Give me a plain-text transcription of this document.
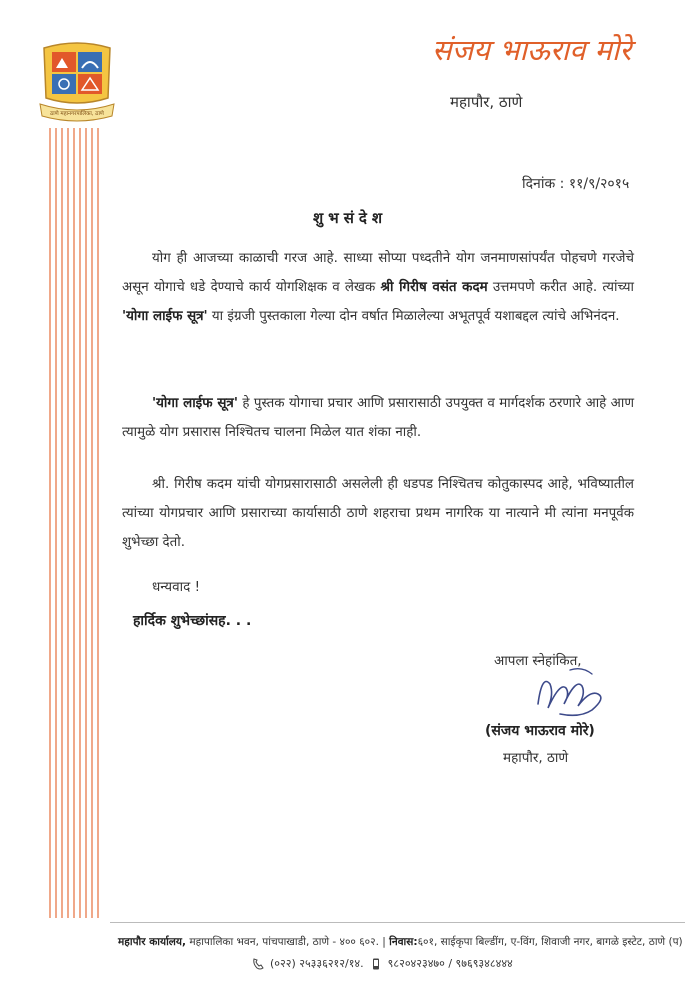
ठाणे महानगरपालिका, ठाणे
संजय भाऊराव मोरे
महापौर, ठाणे
दिनांक : ११/९/२०१५
शुभसंदेश
योग ही आजच्या काळाची गरज आहे. साध्या सोप्या पध्दतीने योग जनमाणसांपर्यंत पोहचणे गरजेचे असून योगाचे धडे देण्याचे कार्य योगशिक्षक व लेखक श्री गिरीष वसंत कदम उत्तमपणे करीत आहे. त्यांच्या 'योगा लाईफ सूत्र' या इंग्रजी पुस्तकाला गेल्या दोन वर्षात मिळालेल्या अभूतपूर्व यशाबद्दल त्यांचे अभिनंदन.
'योगा लाईफ सूत्र' हे पुस्तक योगाचा प्रचार आणि प्रसारासाठी उपयुक्त व मार्गदर्शक ठरणारे आहे आण त्यामुळे योग प्रसारास निश्चितच चालना मिळेल यात शंका नाही.
श्री. गिरीष कदम यांची योगप्रसारासाठी असलेली ही धडपड निश्चितच कोतुकास्पद आहे, भविष्यातील त्यांच्या योगप्रचार आणि प्रसाराच्या कार्यासाठी ठाणे शहराचा प्रथम नागरिक या नात्याने मी त्यांना मनपूर्वक शुभेच्छा देतो.
धन्यवाद !
हार्दिक शुभेच्छांसह. . .
आपला स्नेहांकित,
(संजय भाऊराव मोरे)
महापौर, ठाणे
महापौर कार्यालय, महापालिका भवन, पांचपाखाडी, ठाणे - ४०० ६०२. | निवास:६०१, साईकृपा बिल्डींग, ए-विंग, शिवाजी नगर, बागळे इस्टेट, ठाणे (प)
(०२२) २५३३६२१२/१४. ९८२०४२३४७० / ९७६९३४८४४४
